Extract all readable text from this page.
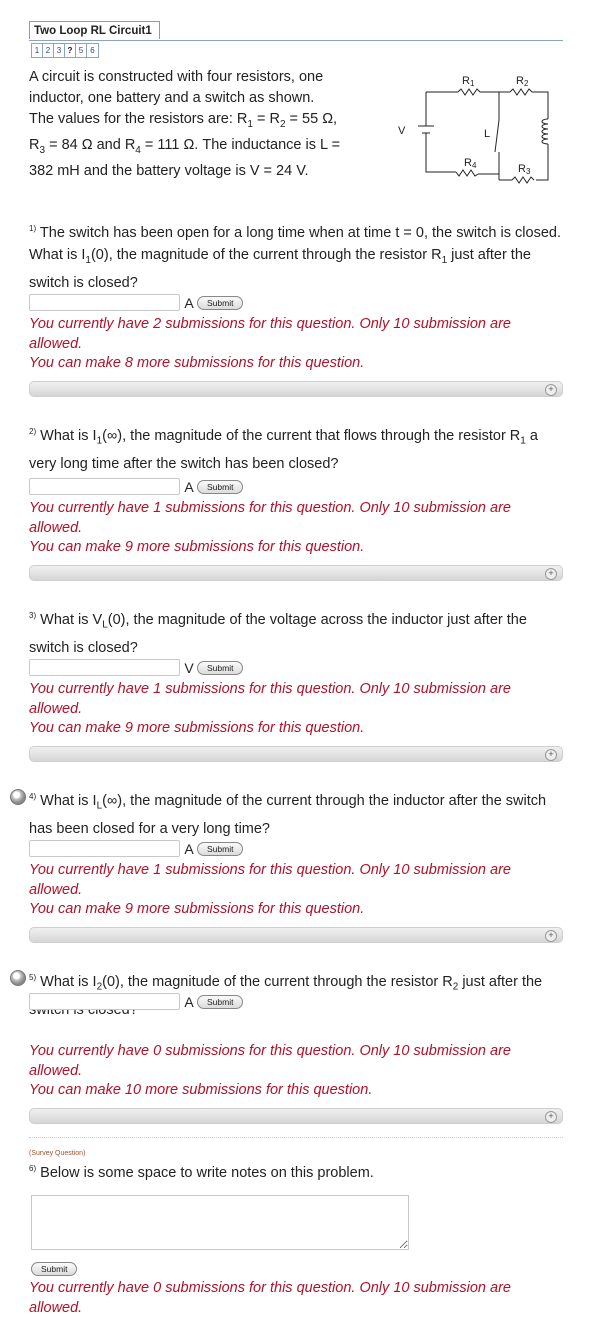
Two Loop RL Circuit1
1 2 3 ? 5 6
A circuit is constructed with four resistors, one
inductor, one battery and a switch as shown.
The values for the resistors are: $R_1 = R_2 = 55$ Ω,
$R_3 = 84$ Ω and $R_4 = 111$ Ω. The inductance is L =
382 mH and the battery voltage is V = 24 V.
R1	R2
L
V
R4	R3
$^{1)}$ The switch has been open for a long time when at time t = 0, the switch is closed. What is $I_1(0)$, the magnitude of the current through the resistor $R_1$ just after the switch is closed?
A	Submit
You currently have 2 submissions for this question. Only 10 submission are allowed.
You can make 8 more submissions for this question.
+
$^{2)}$ What is $I_1(\infty)$, the magnitude of the current that flows through the resistor $R_1$ a very long time after the switch has been closed?
A	Submit
You currently have 1 submissions for this question. Only 10 submission are allowed.
You can make 9 more submissions for this question.
+
$^{3)}$ What is $V_L(0)$, the magnitude of the voltage across the inductor just after the switch is closed?
V	Submit
You currently have 1 submissions for this question. Only 10 submission are allowed.
You can make 9 more submissions for this question.
+
$^{4)}$ What is $I_L(\infty)$, the magnitude of the current through the inductor after the switch has been closed for a very long time?
A	Submit
You currently have 1 submissions for this question. Only 10 submission are allowed.
You can make 9 more submissions for this question.
+
$^{5)}$ What is $I_2(0)$, the magnitude of the current through the resistor $R_2$ just after the
A	Submit
You currently have 0 submissions for this question. Only 10 submission are allowed.
You can make 10 more submissions for this question.
+
(Survey Question)
$^{6)}$ Below is some space to write notes on this problem.
Submit
You currently have 0 submissions for this question. Only 10 submission are allowed.
